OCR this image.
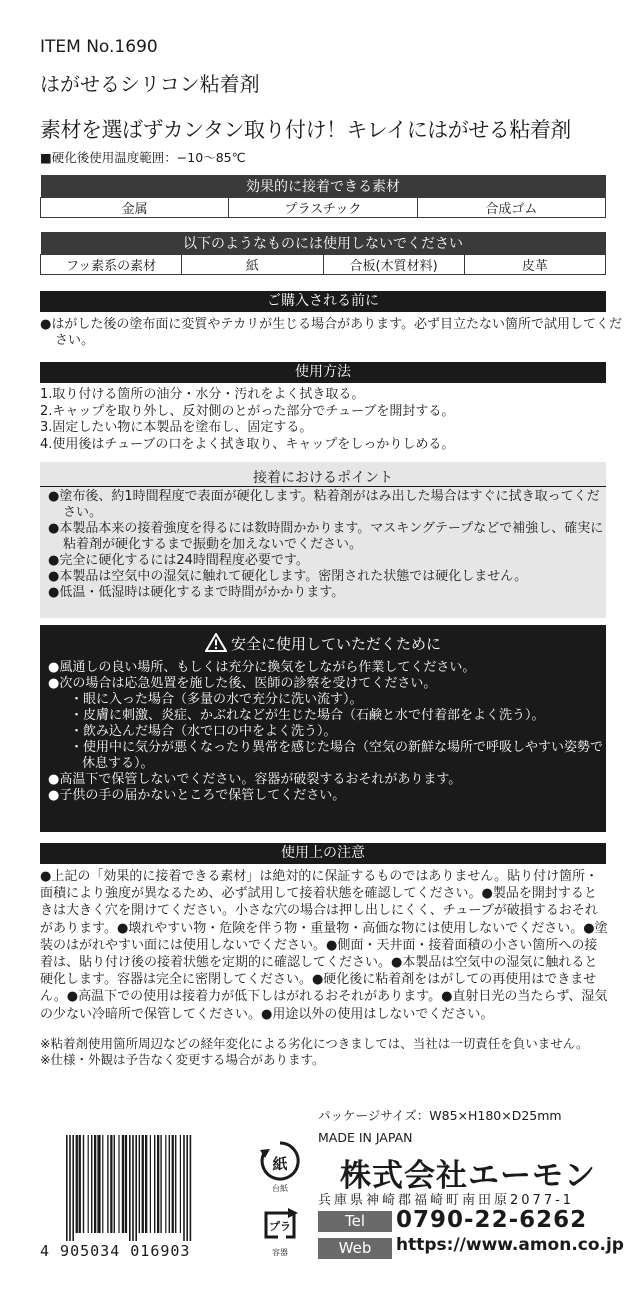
ITEM No.1690
はがせるシリコン粘着剤
素材を選ばずカンタン取り付け！キレイにはがせる粘着剤
■硬化後使用温度範囲：−10〜85℃
効果的に接着できる素材
金属	プラスチック	合成ゴム
以下のようなものには使用しないでください
フッ素系の素材	紙	合板(木質材料)	皮革
ご購入される前に
●はがした後の塗布面に変質やテカリが生じる場合があります。必ず目立たない箇所で試用してください。
使用方法
1.取り付ける箇所の油分・水分・汚れをよく拭き取る。
2.キャップを取り外し、反対側のとがった部分でチューブを開封する。
3.固定したい物に本製品を塗布し、固定する。
4.使用後はチューブの口をよく拭き取り、キャップをしっかりしめる。
接着におけるポイント
●塗布後、約1時間程度で表面が硬化します。粘着剤がはみ出した場合はすぐに拭き取ってください。
●本製品本来の接着強度を得るには数時間かかります。マスキングテープなどで補強し、確実に粘着剤が硬化するまで振動を加えないでください。
●完全に硬化するには24時間程度必要です。
●本製品は空気中の湿気に触れて硬化します。密閉された状態では硬化しません。
●低温・低湿時は硬化するまで時間がかかります。
安全に使用していただくために
●風通しの良い場所、もしくは充分に換気をしながら作業してください。
●次の場合は応急処置を施した後、医師の診察を受けてください。
・眼に入った場合（多量の水で充分に洗い流す）。
・皮膚に刺激、炎症、かぶれなどが生じた場合（石鹸と水で付着部をよく洗う）。
・飲み込んだ場合（水で口の中をよく洗う）。
・使用中に気分が悪くなったり異常を感じた場合（空気の新鮮な場所で呼吸しやすい姿勢で休息する）。
●高温下で保管しないでください。容器が破裂するおそれがあります。
●子供の手の届かないところで保管してください。
使用上の注意
●上記の「効果的に接着できる素材」は絶対的に保証するものではありません。貼り付け箇所・面積により強度が異なるため、必ず試用して接着状態を確認してください。●製品を開封するときは大きく穴を開けてください。小さな穴の場合は押し出しにくく、チューブが破損するおそれがあります。●壊れやすい物・危険を伴う物・重量物・高価な物には使用しないでください。●塗装のはがれやすい面には使用しないでください。●側面・天井面・接着面積の小さい箇所への接着は、貼り付け後の接着状態を定期的に確認してください。●本製品は空気中の湿気に触れると硬化します。容器は完全に密閉してください。●硬化後に粘着剤をはがしての再使用はできません。●高温下での使用は接着力が低下しはがれるおそれがあります。●直射日光の当たらず、湿気の少ない冷暗所で保管してください。●用途以外の使用はしないでください。
※粘着剤使用箇所周辺などの経年変化による劣化につきましては、当社は一切責任を負いません。
※仕様・外観は予告なく変更する場合があります。
パッケージサイズ：W85×H180×D25mm
MADE IN JAPAN
株式会社エーモン
兵庫県神崎郡福崎町南田原2077-1
Tel	0790-22-6262
Web	https://www.amon.co.jp
4 905034 016903
紙
台紙
プラ
容器
